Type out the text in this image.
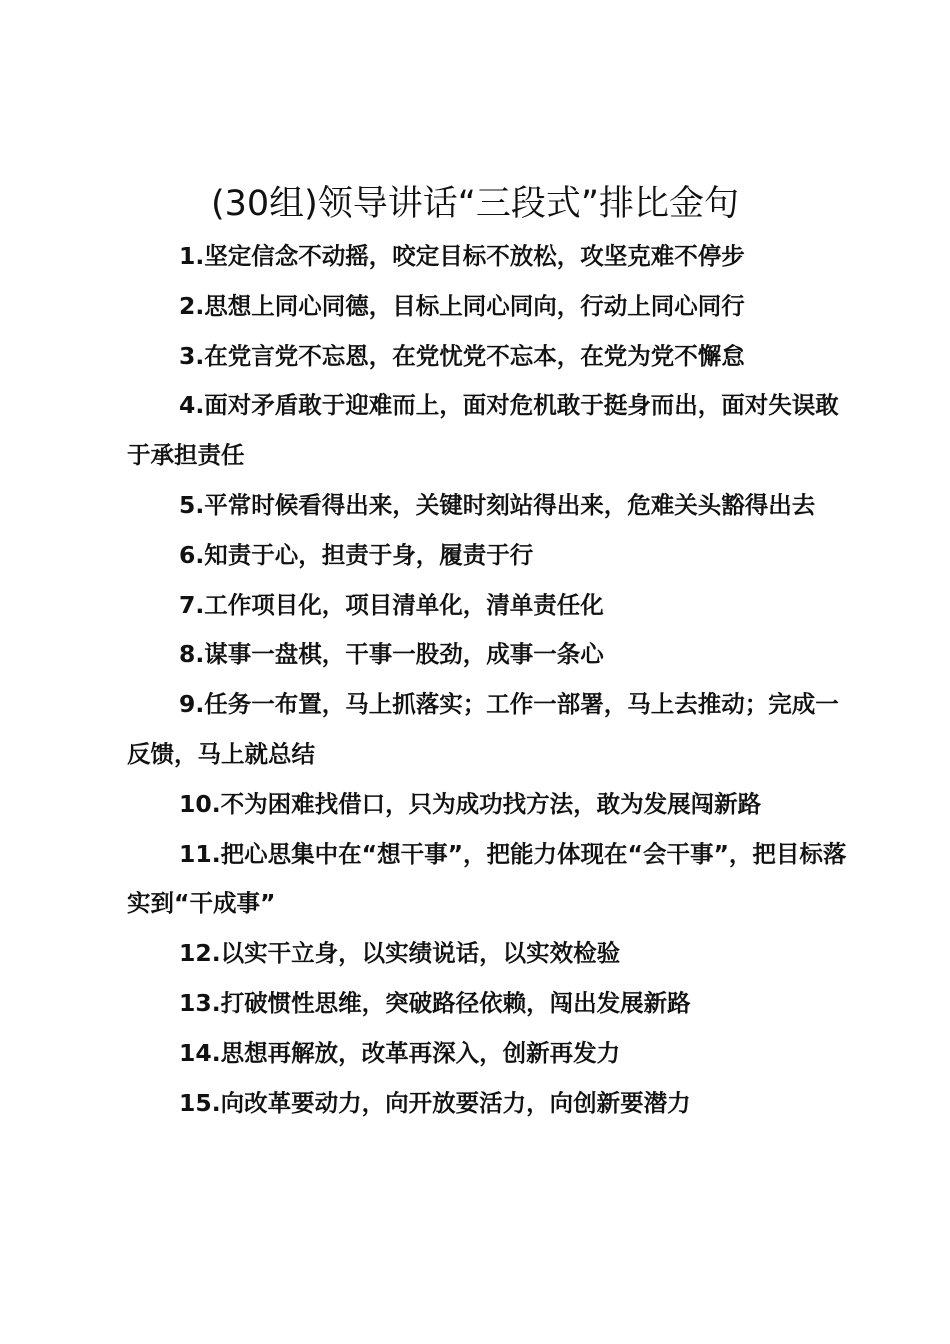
(30组)领导讲话“三段式”排比金句

1.坚定信念不动摇，咬定目标不放松，攻坚克难不停步

2.思想上同心同德，目标上同心同向，行动上同心同行

3.在党言党不忘恩，在党忧党不忘本，在党为党不懈怠

4.面对矛盾敢于迎难而上，面对危机敢于挺身而出，面对失误敢于承担责任

5.平常时候看得出来，关键时刻站得出来，危难关头豁得出去

6.知责于心，担责于身，履责于行

7.工作项目化，项目清单化，清单责任化

8.谋事一盘棋，干事一股劲，成事一条心

9.任务一布置，马上抓落实；工作一部署，马上去推动；完成一反馈，马上就总结

10.不为困难找借口，只为成功找方法，敢为发展闯新路

11.把心思集中在“想干事”，把能力体现在“会干事”，把目标落实到“干成事”

12.以实干立身，以实绩说话，以实效检验

13.打破惯性思维，突破路径依赖，闯出发展新路

14.思想再解放，改革再深入，创新再发力

15.向改革要动力，向开放要活力，向创新要潜力
